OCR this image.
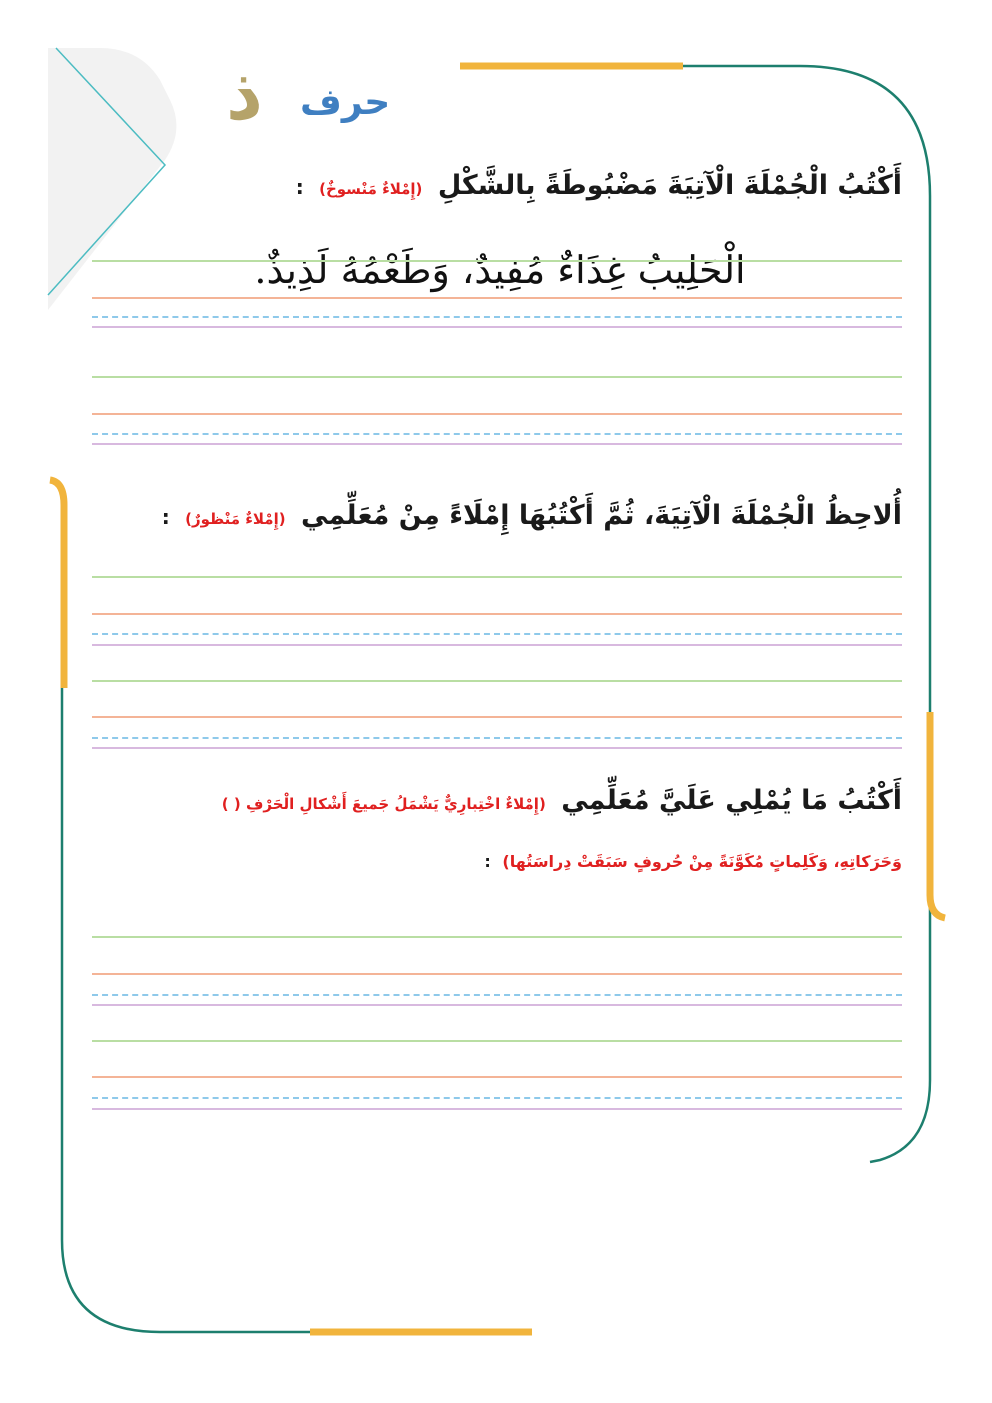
حرف
ذ
أَكْتُبُ الْجُمْلَةَ الْآتِيَةَ مَضْبُوطَةً بِالشَّكْلِ (إِمْلاءٌ مَنْسوخٌ) :
الْحَلِيبُ غِذَاءٌ مُفِيدٌ، وَطَعْمُهُ لَذِيذٌ.
أُلاحِظُ الْجُمْلَةَ الْآتِيَةَ، ثُمَّ أَكْتُبُهَا إِمْلَاءً مِنْ مُعَلِّمِي (إِمْلاءٌ مَنْظورٌ) :
أَكْتُبُ مَا يُمْلِي عَلَيَّ مُعَلِّمِي (إِمْلاءٌ اخْتِبارِيٌّ يَشْمَلُ جَميعَ أَشْكالِ الْحَرْفِ ( )
وَحَرَكاتِهِ، وَكَلِماتٍ مُكَوَّنَةً مِنْ حُروفٍ سَبَقَتْ دِراسَتُها) :
